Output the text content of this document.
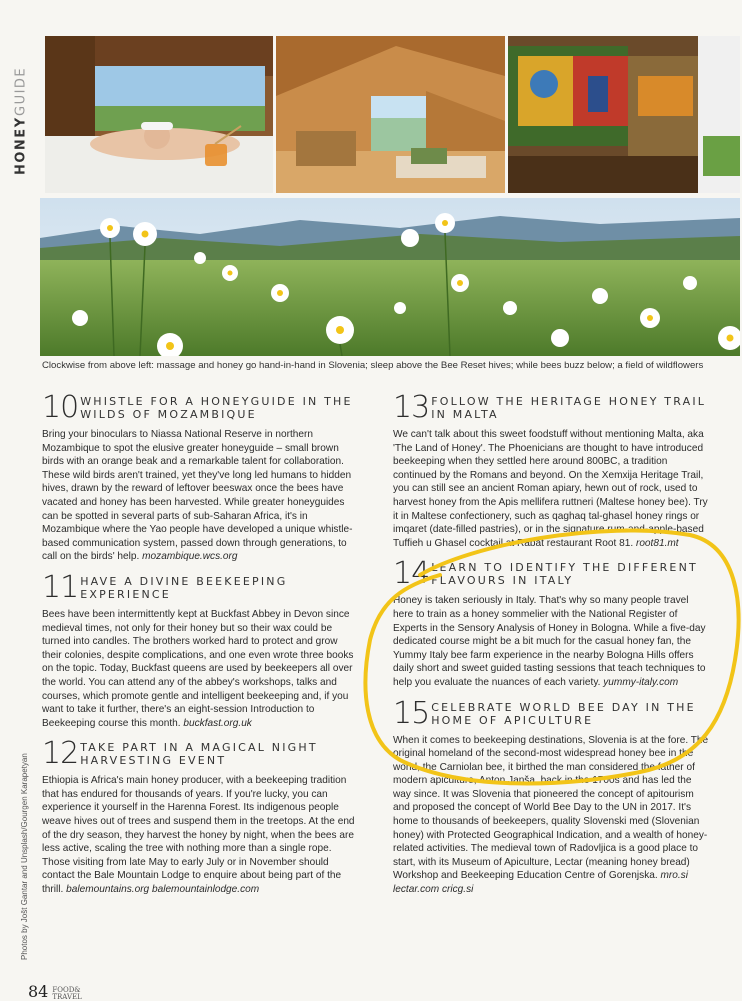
HONEY
GUIDE
Clockwise from above left: massage and honey go hand-in-hand in Slovenia; sleep above the Bee Reset hives; while bees buzz below; a field of wildflowers
10 WHISTLE FOR A HONEYGUIDE IN THE WILDS OF MOZAMBIQUE
Bring your binoculars to Niassa National Reserve in northern Mozambique to spot the elusive greater honeyguide – small brown birds with an orange beak and a remarkable talent for collaboration. These wild birds aren't trained, yet they've long led humans to hidden hives, drawn by the reward of leftover beeswax once the bees have vacated and honey has been harvested. While greater honeyguides can be spotted in several parts of sub-Saharan Africa, it's in Mozambique where the Yao people have developed a unique whistle-based communication system, passed down through generations, to call on the birds' help. mozambique.wcs.org
11 HAVE A DIVINE BEEKEEPING EXPERIENCE
Bees have been intermittently kept at Buckfast Abbey in Devon since medieval times, not only for their honey but so their wax could be turned into candles. The brothers worked hard to protect and grow their colonies, despite complications, and one even wrote three books on the topic. Today, Buckfast queens are used by beekeepers all over the world. You can attend any of the abbey's workshops, talks and courses, which promote gentle and intelligent beekeeping and, if you want to take it further, there's an eight-session Introduction to Beekeeping course this month. buckfast.org.uk
12 TAKE PART IN A MAGICAL NIGHT HARVESTING EVENT
Ethiopia is Africa's main honey producer, with a beekeeping tradition that has endured for thousands of years. If you're lucky, you can experience it yourself in the Harenna Forest. Its indigenous people weave hives out of trees and suspend them in the treetops. At the end of the dry season, they harvest the honey by night, when the bees are less active, scaling the tree with nothing more than a single rope. Those visiting from late May to early July or in November should contact the Bale Mountain Lodge to enquire about being part of the thrill. balemountains.org balemountainlodge.com
13 FOLLOW THE HERITAGE HONEY TRAIL IN MALTA
We can't talk about this sweet foodstuff without mentioning Malta, aka 'The Land of Honey'. The Phoenicians are thought to have introduced beekeeping when they settled here around 800BC, a tradition continued by the Romans and beyond. On the Xemxija Heritage Trail, you can still see an ancient Roman apiary, hewn out of rock, used to harvest honey from the Apis mellifera ruttneri (Maltese honey bee). Try it in Maltese confectionery, such as qaghaq tal-ghasel honey rings or imqaret (date-filled pastries), or in the signature rum-and-apple-based Tuffieh u Ghasel cocktail at Rabat restaurant Root 81. root81.mt
14 LEARN TO IDENTIFY THE DIFFERENT FLAVOURS IN ITALY
Honey is taken seriously in Italy. That's why so many people travel here to train as a honey sommelier with the National Register of Experts in the Sensory Analysis of Honey in Bologna. While a five-day dedicated course might be a bit much for the casual honey fan, the Yummy Italy bee farm experience in the nearby Bologna Hills offers daily short and sweet guided tasting sessions that teach techniques to help you evaluate the nuances of each variety. yummy-italy.com
15 CELEBRATE WORLD BEE DAY IN THE HOME OF APICULTURE
When it comes to beekeeping destinations, Slovenia is at the fore. The original homeland of the second-most widespread honey bee in the world, the Carniolan bee, it birthed the man considered the father of modern apiculture, Anton Janša, back in the 1700s and has led the way since. It was Slovenia that pioneered the concept of apitourism and proposed the concept of World Bee Day to the UN in 2017. It's home to thousands of beekeepers, quality Slovenski med (Slovenian honey) with Protected Geographical Indication, and a wealth of honey-related activities. The medieval town of Radovljica is a good place to start, with its Museum of Apiculture, Lectar (meaning honey bread) Workshop and Beekeeping Education Centre of Gorenjska. mro.si lectar.com cricg.si
Photos by Jošt Gantar and Unsplash/Gourgen Karapetyan
84 FOOD&
TRAVEL
